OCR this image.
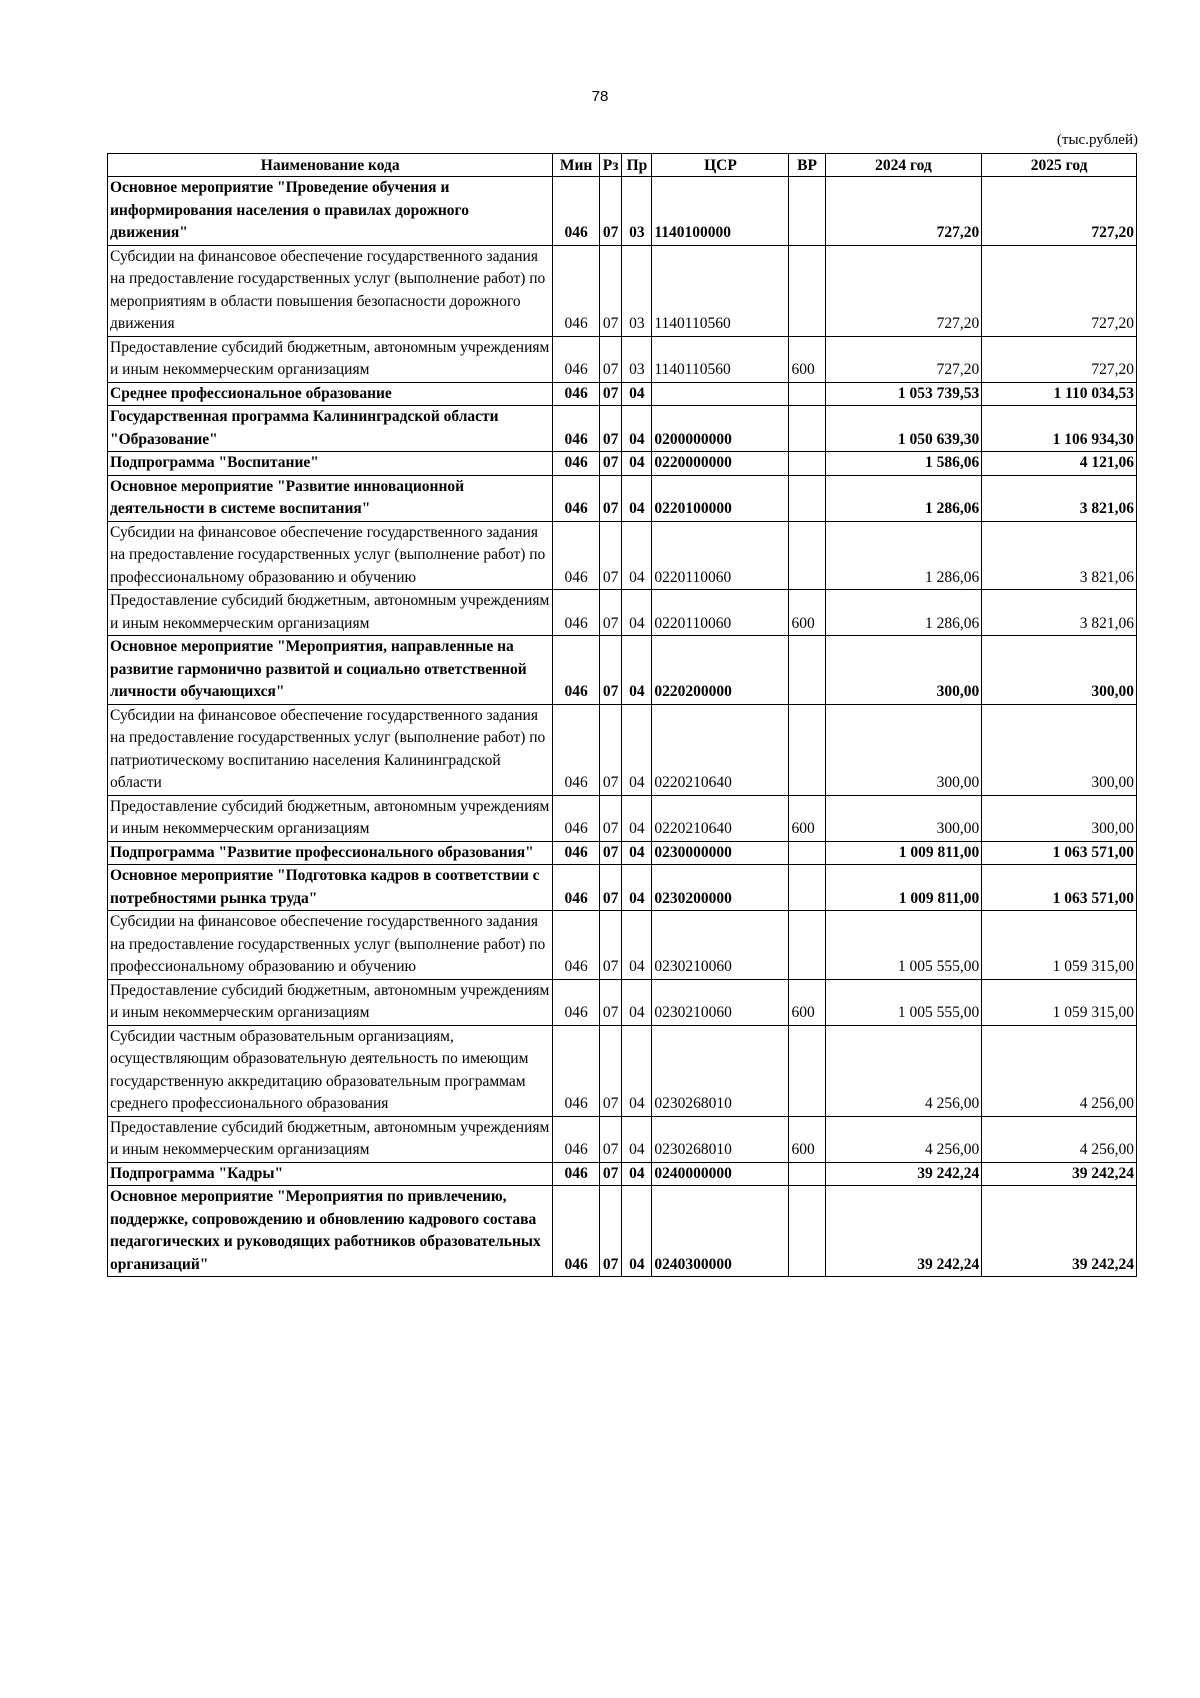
78
(тыс.рублей)
Наименование кода	Мин	Рз	Пр	ЦСР	ВР	2024 год	2025 год
Основное мероприятие "Проведение обучения и информирования населения о правилах дорожного движения"	046	07	03	1140100000		727,20	727,20
Субсидии на финансовое обеспечение государственного задания на предоставление государственных услуг (выполнение работ) по мероприятиям в области повышения безопасности дорожного движения	046	07	03	1140110560		727,20	727,20
Предоставление субсидий бюджетным, автономным учреждениям и иным некоммерческим организациям	046	07	03	1140110560	600	727,20	727,20
Среднее профессиональное образование	046	07	04			1 053 739,53	1 110 034,53
Государственная программа Калининградской области "Образование"	046	07	04	0200000000		1 050 639,30	1 106 934,30
Подпрограмма "Воспитание"	046	07	04	0220000000		1 586,06	4 121,06
Основное мероприятие "Развитие инновационной деятельности в системе воспитания"	046	07	04	0220100000		1 286,06	3 821,06
Субсидии на финансовое обеспечение государственного задания на предоставление государственных услуг (выполнение работ) по профессиональному образованию и обучению	046	07	04	0220110060		1 286,06	3 821,06
Предоставление субсидий бюджетным, автономным учреждениям и иным некоммерческим организациям	046	07	04	0220110060	600	1 286,06	3 821,06
Основное мероприятие "Мероприятия, направленные на развитие гармонично развитой и социально ответственной личности обучающихся"	046	07	04	0220200000		300,00	300,00
Субсидии на финансовое обеспечение государственного задания на предоставление государственных услуг (выполнение работ) по патриотическому воспитанию населения Калининградской области	046	07	04	0220210640		300,00	300,00
Предоставление субсидий бюджетным, автономным учреждениям и иным некоммерческим организациям	046	07	04	0220210640	600	300,00	300,00
Подпрограмма "Развитие профессионального образования"	046	07	04	0230000000		1 009 811,00	1 063 571,00
Основное мероприятие "Подготовка кадров в соответствии с потребностями рынка труда"	046	07	04	0230200000		1 009 811,00	1 063 571,00
Субсидии на финансовое обеспечение государственного задания на предоставление государственных услуг (выполнение работ) по профессиональному образованию и обучению	046	07	04	0230210060		1 005 555,00	1 059 315,00
Предоставление субсидий бюджетным, автономным учреждениям и иным некоммерческим организациям	046	07	04	0230210060	600	1 005 555,00	1 059 315,00
Субсидии частным образовательным организациям, осуществляющим образовательную деятельность по имеющим государственную аккредитацию образовательным программам среднего профессионального образования	046	07	04	0230268010		4 256,00	4 256,00
Предоставление субсидий бюджетным, автономным учреждениям и иным некоммерческим организациям	046	07	04	0230268010	600	4 256,00	4 256,00
Подпрограмма "Кадры"	046	07	04	0240000000		39 242,24	39 242,24
Основное мероприятие "Мероприятия по привлечению, поддержке, сопровождению и обновлению кадрового состава педагогических и руководящих работников образовательных организаций"	046	07	04	0240300000		39 242,24	39 242,24
